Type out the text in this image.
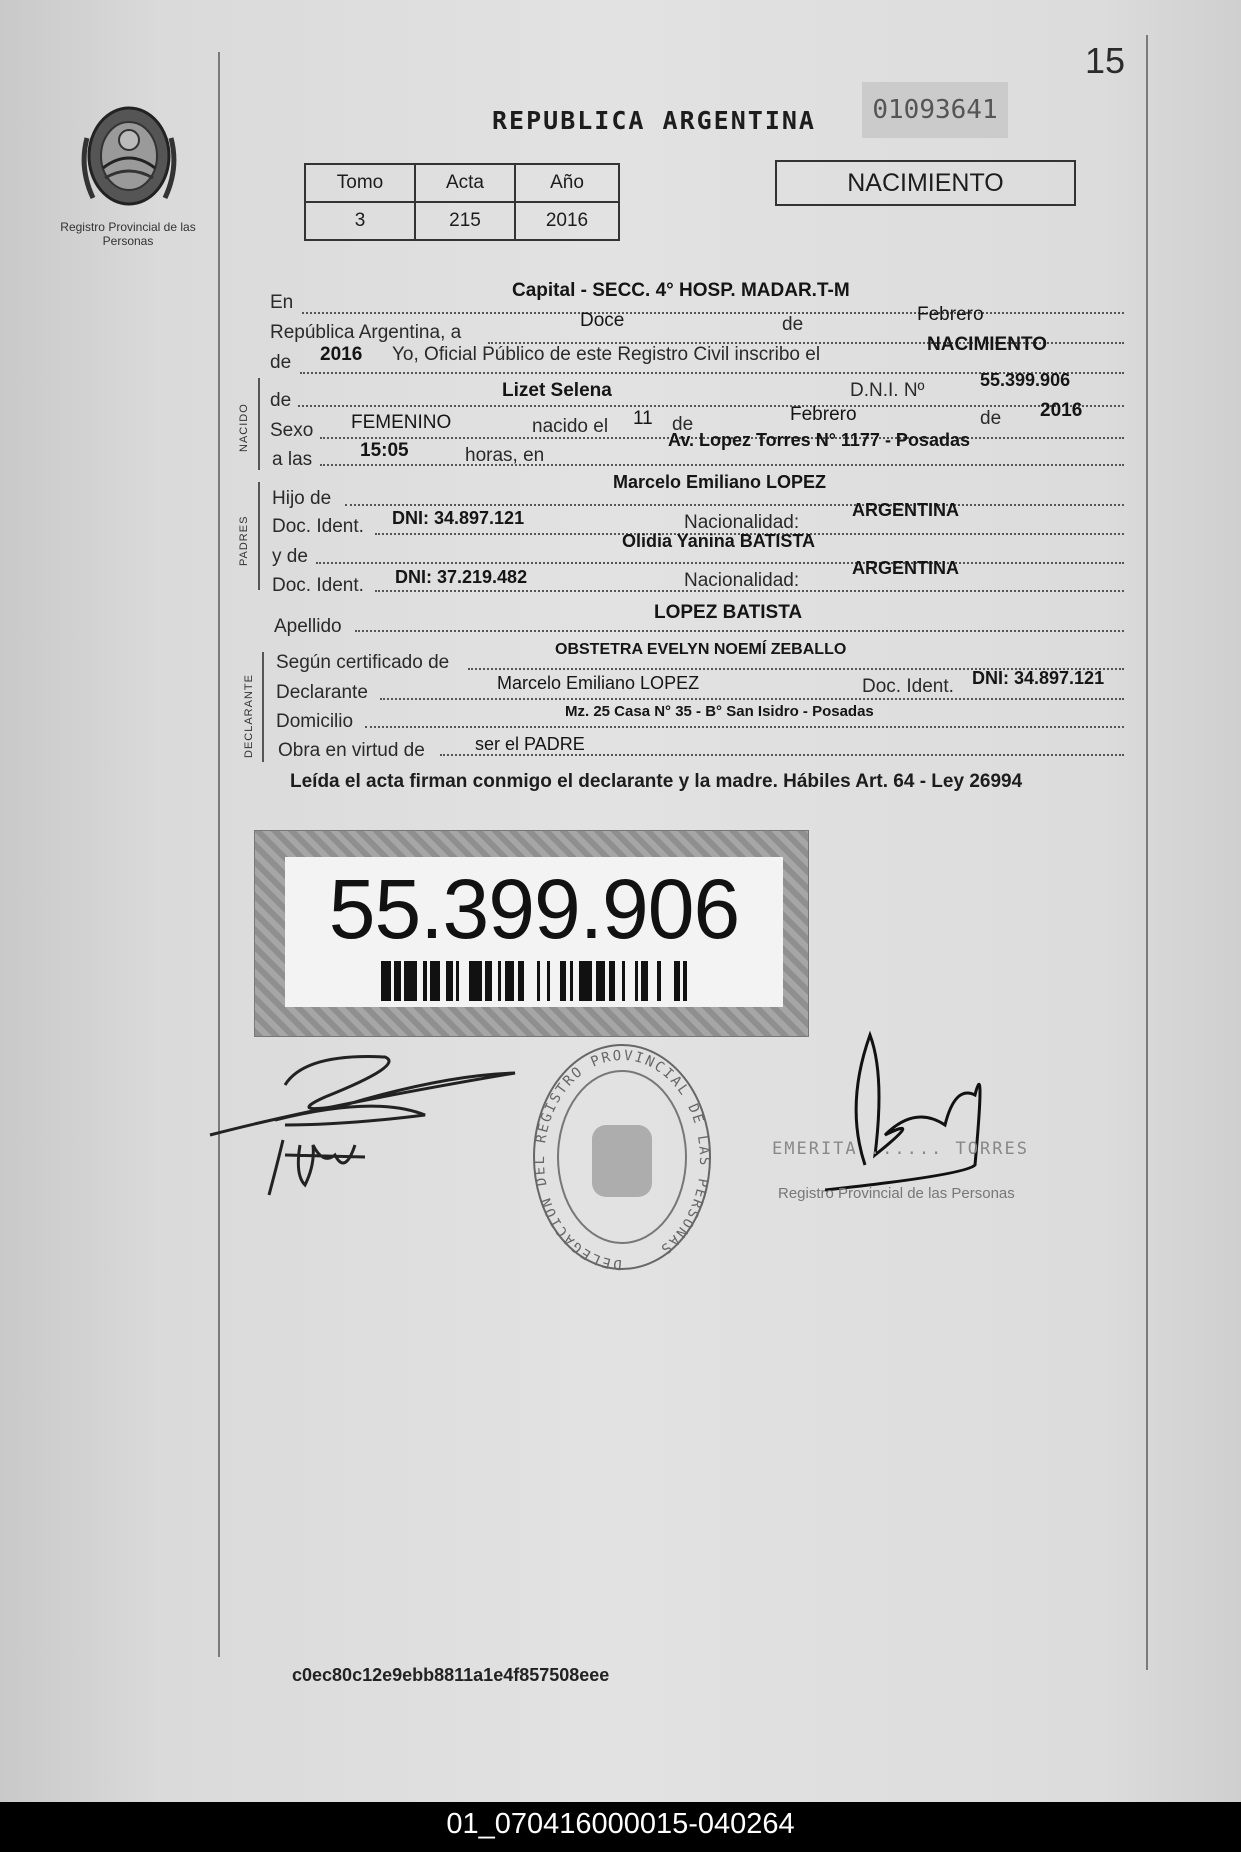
15
Registro Provincial de las Personas
REPUBLICA ARGENTINA	01093641
Tomo	Acta	Año
3	215	2016
NACIMIENTO
En
Capital - SECC. 4° HOSP. MADAR.T-M
República Argentina, a
Doce	de	Febrero
de 2016 Yo, Oficial Público de este Registro Civil inscribo el	NACIMIENTO
NACIDO
de	Lizet Selena	D.N.I. Nº	55.399.906
Sexo FEMENINO	nacido el 11 de	Febrero	de 2016
a las	15:05	horas, en
Av. Lopez Torres N° 1177 - Posadas
PADRES
Hijo de
Marcelo Emiliano LOPEZ
Doc. Ident. DNI: 34.897.121	Nacionalidad:
ARGENTINA
y de
Olidia Yanina BATISTA
Doc. Ident. DNI: 37.219.482	Nacionalidad:
ARGENTINA
Apellido
LOPEZ BATISTA
DECLARANTE
Según certificado de
OBSTETRA EVELYN NOEMÍ ZEBALLO
Declarante	Marcelo Emiliano LOPEZ	Doc. Ident. DNI: 34.897.121
Domicilio	Mz. 25 Casa N° 35 - B° San Isidro - Posadas
Obra en virtud de	ser el PADRE
Leída el acta firman conmigo el declarante y la madre. Hábiles Art. 64 - Ley 26994
55.399.906
DELEGACION DEL REGISTRO PROVINCIAL DE LAS PERSONAS
EMERITA ...... TORRES
Registro Provincial de las Personas
c0ec80c12e9ebb8811a1e4f857508eee
01_070416000015-040264
